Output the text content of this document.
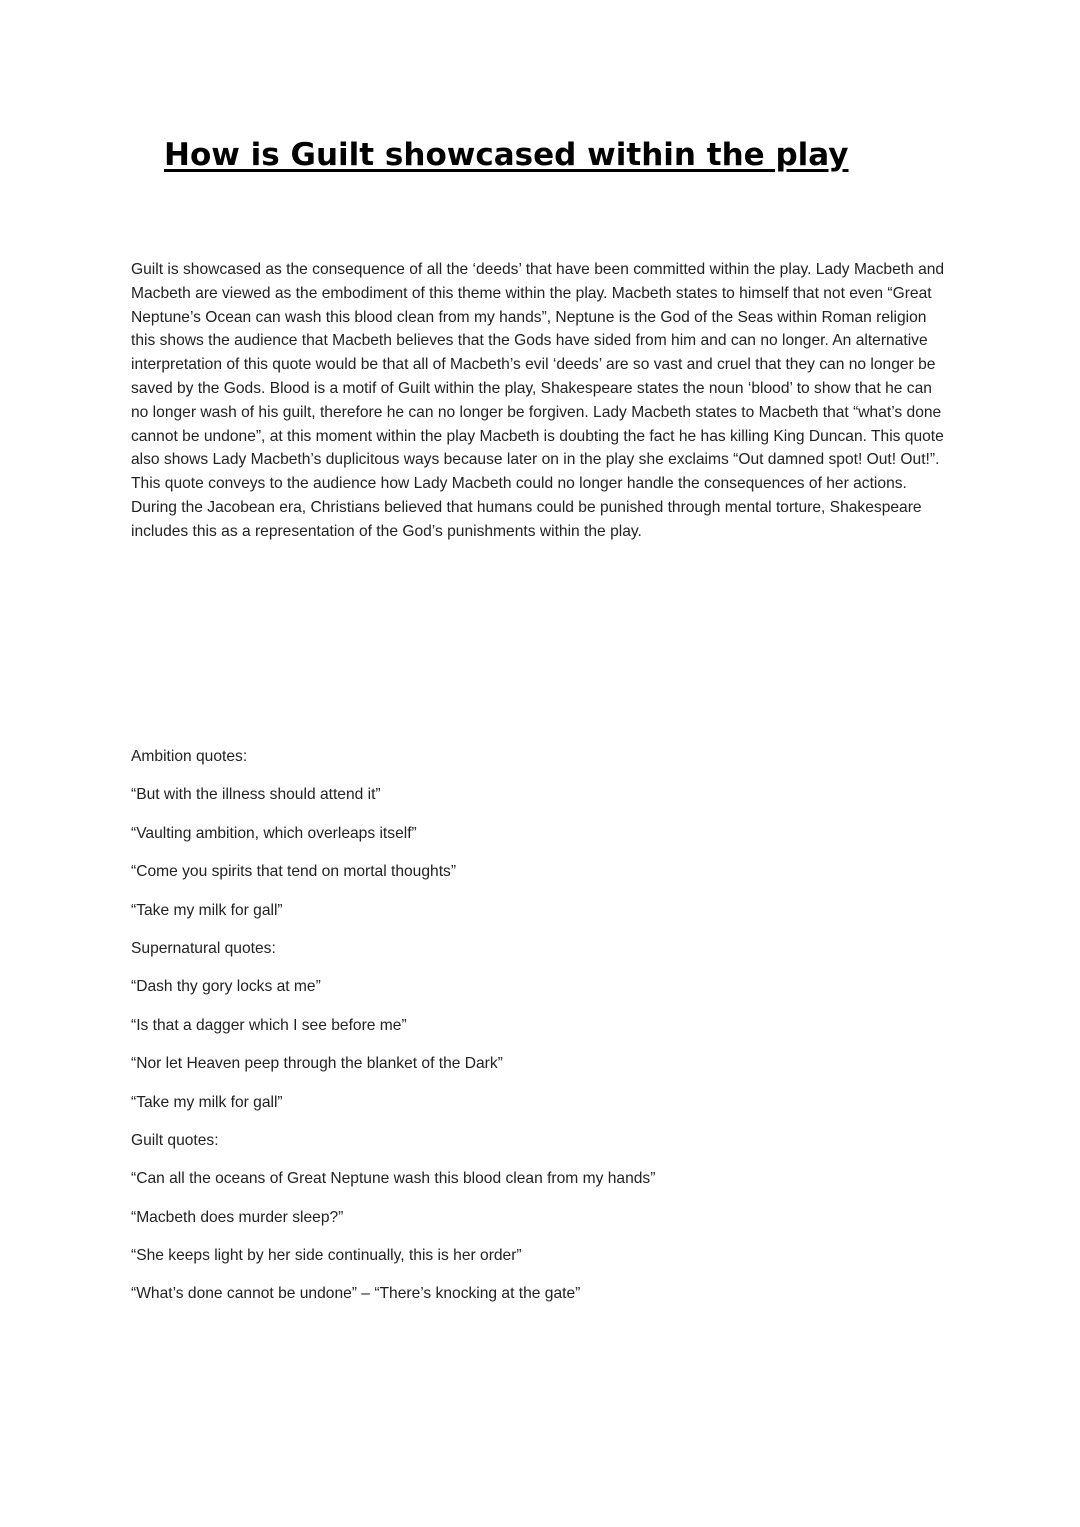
How is Guilt showcased within the play

Guilt is showcased as the consequence of all the ‘deeds’ that have been committed within the play. Lady Macbeth and Macbeth are viewed as the embodiment of this theme within the play. Macbeth states to himself that not even “Great Neptune’s Ocean can wash this blood clean from my hands”, Neptune is the God of the Seas within Roman religion this shows the audience that Macbeth believes that the Gods have sided from him and can no longer. An alternative interpretation of this quote would be that all of Macbeth’s evil ‘deeds’ are so vast and cruel that they can no longer be saved by the Gods. Blood is a motif of Guilt within the play, Shakespeare states the noun ‘blood’ to show that he can no longer wash of his guilt, therefore he can no longer be forgiven. Lady Macbeth states to Macbeth that “what’s done cannot be undone”, at this moment within the play Macbeth is doubting the fact he has killing King Duncan. This quote also shows Lady Macbeth’s duplicitous ways because later on in the play she exclaims “Out damned spot! Out! Out!”. This quote conveys to the audience how Lady Macbeth could no longer handle the consequences of her actions. During the Jacobean era, Christians believed that humans could be punished through mental torture, Shakespeare includes this as a representation of the God’s punishments within the play.

Ambition quotes:
“But with the illness should attend it”
“Vaulting ambition, which overleaps itself”
“Come you spirits that tend on mortal thoughts”
“Take my milk for gall”
Supernatural quotes:
“Dash thy gory locks at me”
“Is that a dagger which I see before me”
“Nor let Heaven peep through the blanket of the Dark”
“Take my milk for gall”
Guilt quotes:
“Can all the oceans of Great Neptune wash this blood clean from my hands”
“Macbeth does murder sleep?”
“She keeps light by her side continually, this is her order”
“What’s done cannot be undone” – “There’s knocking at the gate”
